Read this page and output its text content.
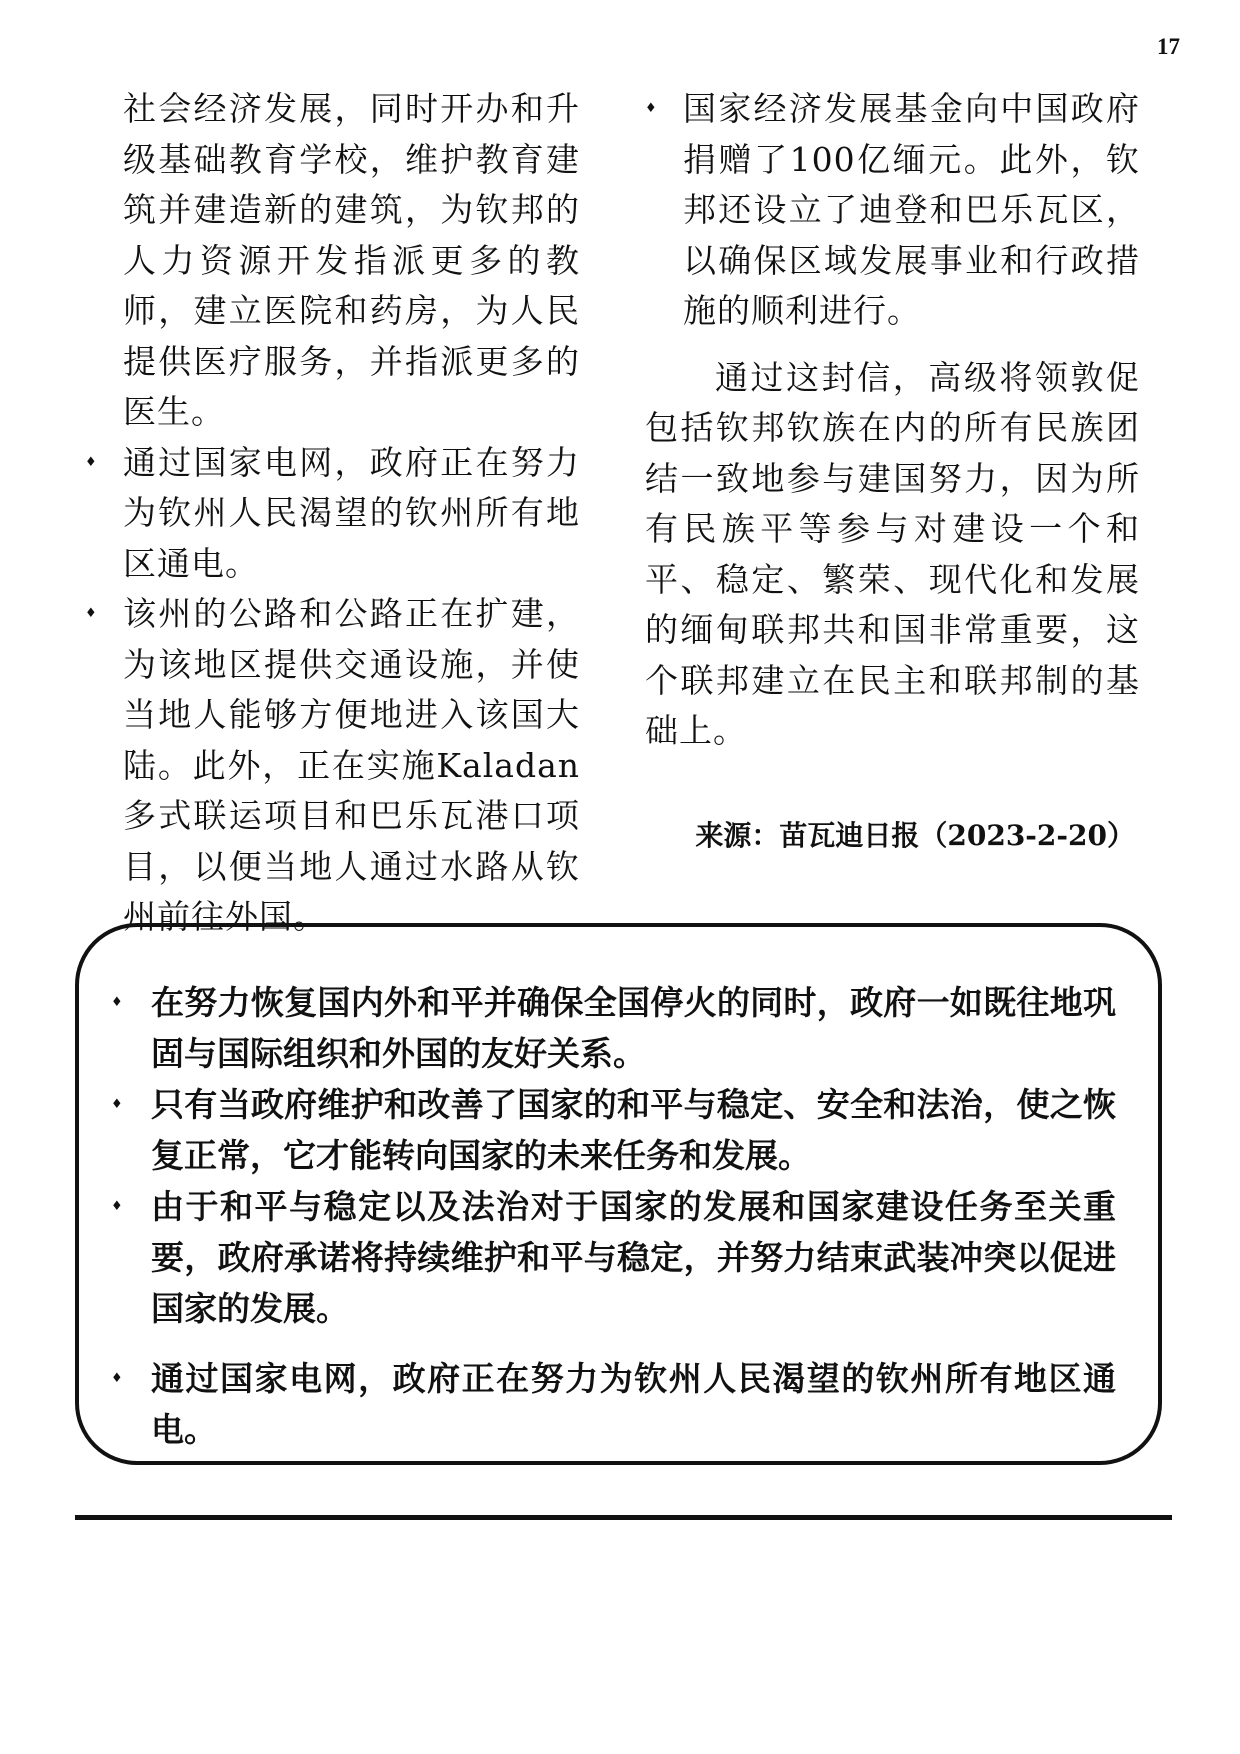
17

社会经济发展，同时开办和升级基础教育学校，维护教育建筑并建造新的建筑，为钦邦的人力资源开发指派更多的教师，建立医院和药房，为人民提供医疗服务，并指派更多的医生。

♦ 通过国家电网，政府正在努力为钦州人民渴望的钦州所有地区通电。

♦ 该州的公路和公路正在扩建，为该地区提供交通设施，并使当地人能够方便地进入该国大陆。此外，正在实施Kaladan多式联运项目和巴乐瓦港口项目，以便当地人通过水路从钦州前往外国。

♦ 国家经济发展基金向中国政府捐赠了100亿缅元。此外，钦邦还设立了迪登和巴乐瓦区，以确保区域发展事业和行政措施的顺利进行。

通过这封信，高级将领敦促包括钦邦钦族在内的所有民族团结一致地参与建国努力，因为所有民族平等参与对建设一个和平、稳定、繁荣、现代化和发展的缅甸联邦共和国非常重要，这个联邦建立在民主和联邦制的基础上。

来源：苗瓦迪日报（2023-2-20）
♦ 在努力恢复国内外和平并确保全国停火的同时，政府一如既往地巩固与国际组织和外国的友好关系。
♦ 只有当政府维护和改善了国家的和平与稳定、安全和法治，使之恢复正常，它才能转向国家的未来任务和发展。
♦ 由于和平与稳定以及法治对于国家的发展和国家建设任务至关重要，政府承诺将持续维护和平与稳定，并努力结束武装冲突以促进国家的发展。
♦ 通过国家电网，政府正在努力为钦州人民渴望的钦州所有地区通电。
